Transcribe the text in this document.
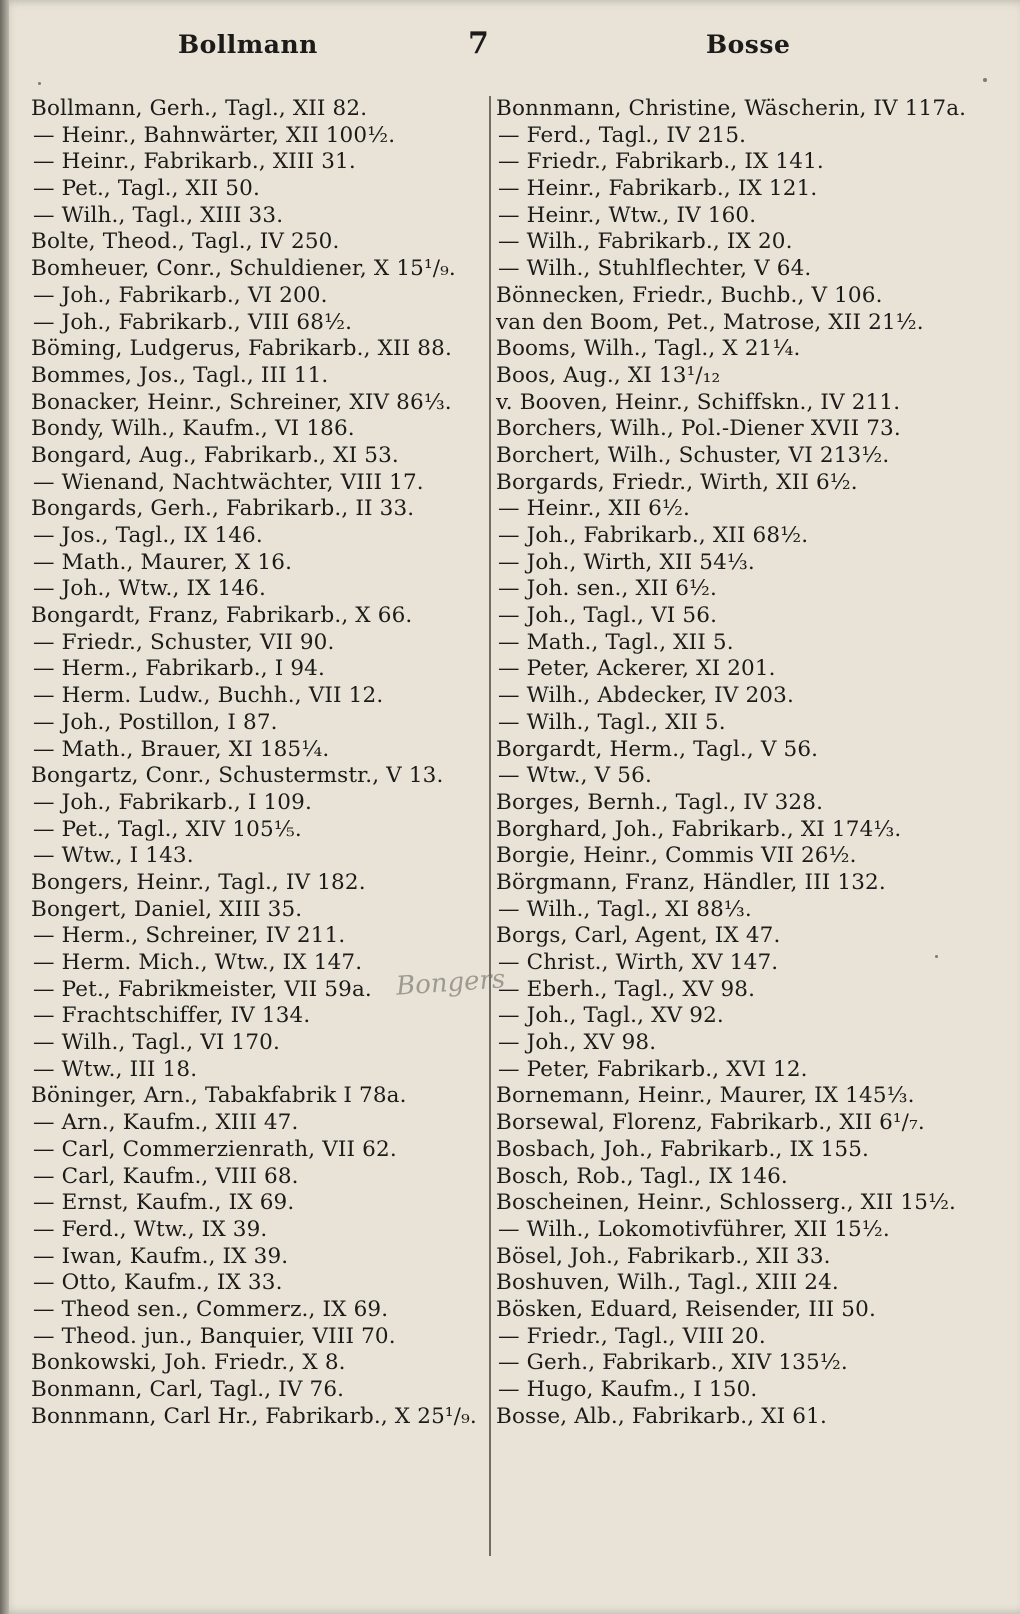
Bollmann	7	Bosse
Bollmann, Gerh., Tagl., XII 82.
— Heinr., Bahnwärter, XII 100½.
— Heinr., Fabrikarb., XIII 31.
— Pet., Tagl., XII 50.
— Wilh., Tagl., XIII 33.
Bolte, Theod., Tagl., IV 250.
Bomheuer, Conr., Schuldiener, X 15¹/₉.
— Joh., Fabrikarb., VI 200.
— Joh., Fabrikarb., VIII 68½.
Böming, Ludgerus, Fabrikarb., XII 88.
Bommes, Jos., Tagl., III 11.
Bonacker, Heinr., Schreiner, XIV 86⅓.
Bondy, Wilh., Kaufm., VI 186.
Bongard, Aug., Fabrikarb., XI 53.
— Wienand, Nachtwächter, VIII 17.
Bongards, Gerh., Fabrikarb., II 33.
— Jos., Tagl., IX 146.
— Math., Maurer, X 16.
— Joh., Wtw., IX 146.
Bongardt, Franz, Fabrikarb., X 66.
— Friedr., Schuster, VII 90.
— Herm., Fabrikarb., I 94.
— Herm. Ludw., Buchh., VII 12.
— Joh., Postillon, I 87.
— Math., Brauer, XI 185¼.
Bongartz, Conr., Schustermstr., V 13.
— Joh., Fabrikarb., I 109.
— Pet., Tagl., XIV 105⅕.
— Wtw., I 143.
Bongers, Heinr., Tagl., IV 182.
Bongert, Daniel, XIII 35.
— Herm., Schreiner, IV 211.
— Herm. Mich., Wtw., IX 147.
— Pet., Fabrikmeister, VII 59a.
— Frachtschiffer, IV 134.
— Wilh., Tagl., VI 170.
— Wtw., III 18.
Böninger, Arn., Tabakfabrik I 78a.
— Arn., Kaufm., XIII 47.
— Carl, Commerzienrath, VII 62.
— Carl, Kaufm., VIII 68.
— Ernst, Kaufm., IX 69.
— Ferd., Wtw., IX 39.
— Iwan, Kaufm., IX 39.
— Otto, Kaufm., IX 33.
— Theod sen., Commerz., IX 69.
— Theod. jun., Banquier, VIII 70.
Bonkowski, Joh. Friedr., X 8.
Bonmann, Carl, Tagl., IV 76.
Bonnmann, Carl Hr., Fabrikarb., X 25¹/₉.
Bonnmann, Christine, Wäscherin, IV 117a.
— Ferd., Tagl., IV 215.
— Friedr., Fabrikarb., IX 141.
— Heinr., Fabrikarb., IX 121.
— Heinr., Wtw., IV 160.
— Wilh., Fabrikarb., IX 20.
— Wilh., Stuhlflechter, V 64.
Bönnecken, Friedr., Buchb., V 106.
van den Boom, Pet., Matrose, XII 21½.
Booms, Wilh., Tagl., X 21¼.
Boos, Aug., XI 13¹/₁₂
v. Booven, Heinr., Schiffskn., IV 211.
Borchers, Wilh., Pol.-Diener XVII 73.
Borchert, Wilh., Schuster, VI 213½.
Borgards, Friedr., Wirth, XII 6½.
— Heinr., XII 6½.
— Joh., Fabrikarb., XII 68½.
— Joh., Wirth, XII 54⅓.
— Joh. sen., XII 6½.
— Joh., Tagl., VI 56.
— Math., Tagl., XII 5.
— Peter, Ackerer, XI 201.
— Wilh., Abdecker, IV 203.
— Wilh., Tagl., XII 5.
Borgardt, Herm., Tagl., V 56.
— Wtw., V 56.
Borges, Bernh., Tagl., IV 328.
Borghard, Joh., Fabrikarb., XI 174⅓.
Borgie, Heinr., Commis VII 26½.
Börgmann, Franz, Händler, III 132.
— Wilh., Tagl., XI 88⅓.
Borgs, Carl, Agent, IX 47.
— Christ., Wirth, XV 147.
— Eberh., Tagl., XV 98.
— Joh., Tagl., XV 92.
— Joh., XV 98.
— Peter, Fabrikarb., XVI 12.
Bornemann, Heinr., Maurer, IX 145⅓.
Borsewal, Florenz, Fabrikarb., XII 6¹/₇.
Bosbach, Joh., Fabrikarb., IX 155.
Bosch, Rob., Tagl., IX 146.
Boscheinen, Heinr., Schlosserg., XII 15½.
— Wilh., Lokomotivführer, XII 15½.
Bösel, Joh., Fabrikarb., XII 33.
Boshuven, Wilh., Tagl., XIII 24.
Bösken, Eduard, Reisender, III 50.
— Friedr., Tagl., VIII 20.
— Gerh., Fabrikarb., XIV 135½.
— Hugo, Kaufm., I 150.
Bosse, Alb., Fabrikarb., XI 61.
Bongers
